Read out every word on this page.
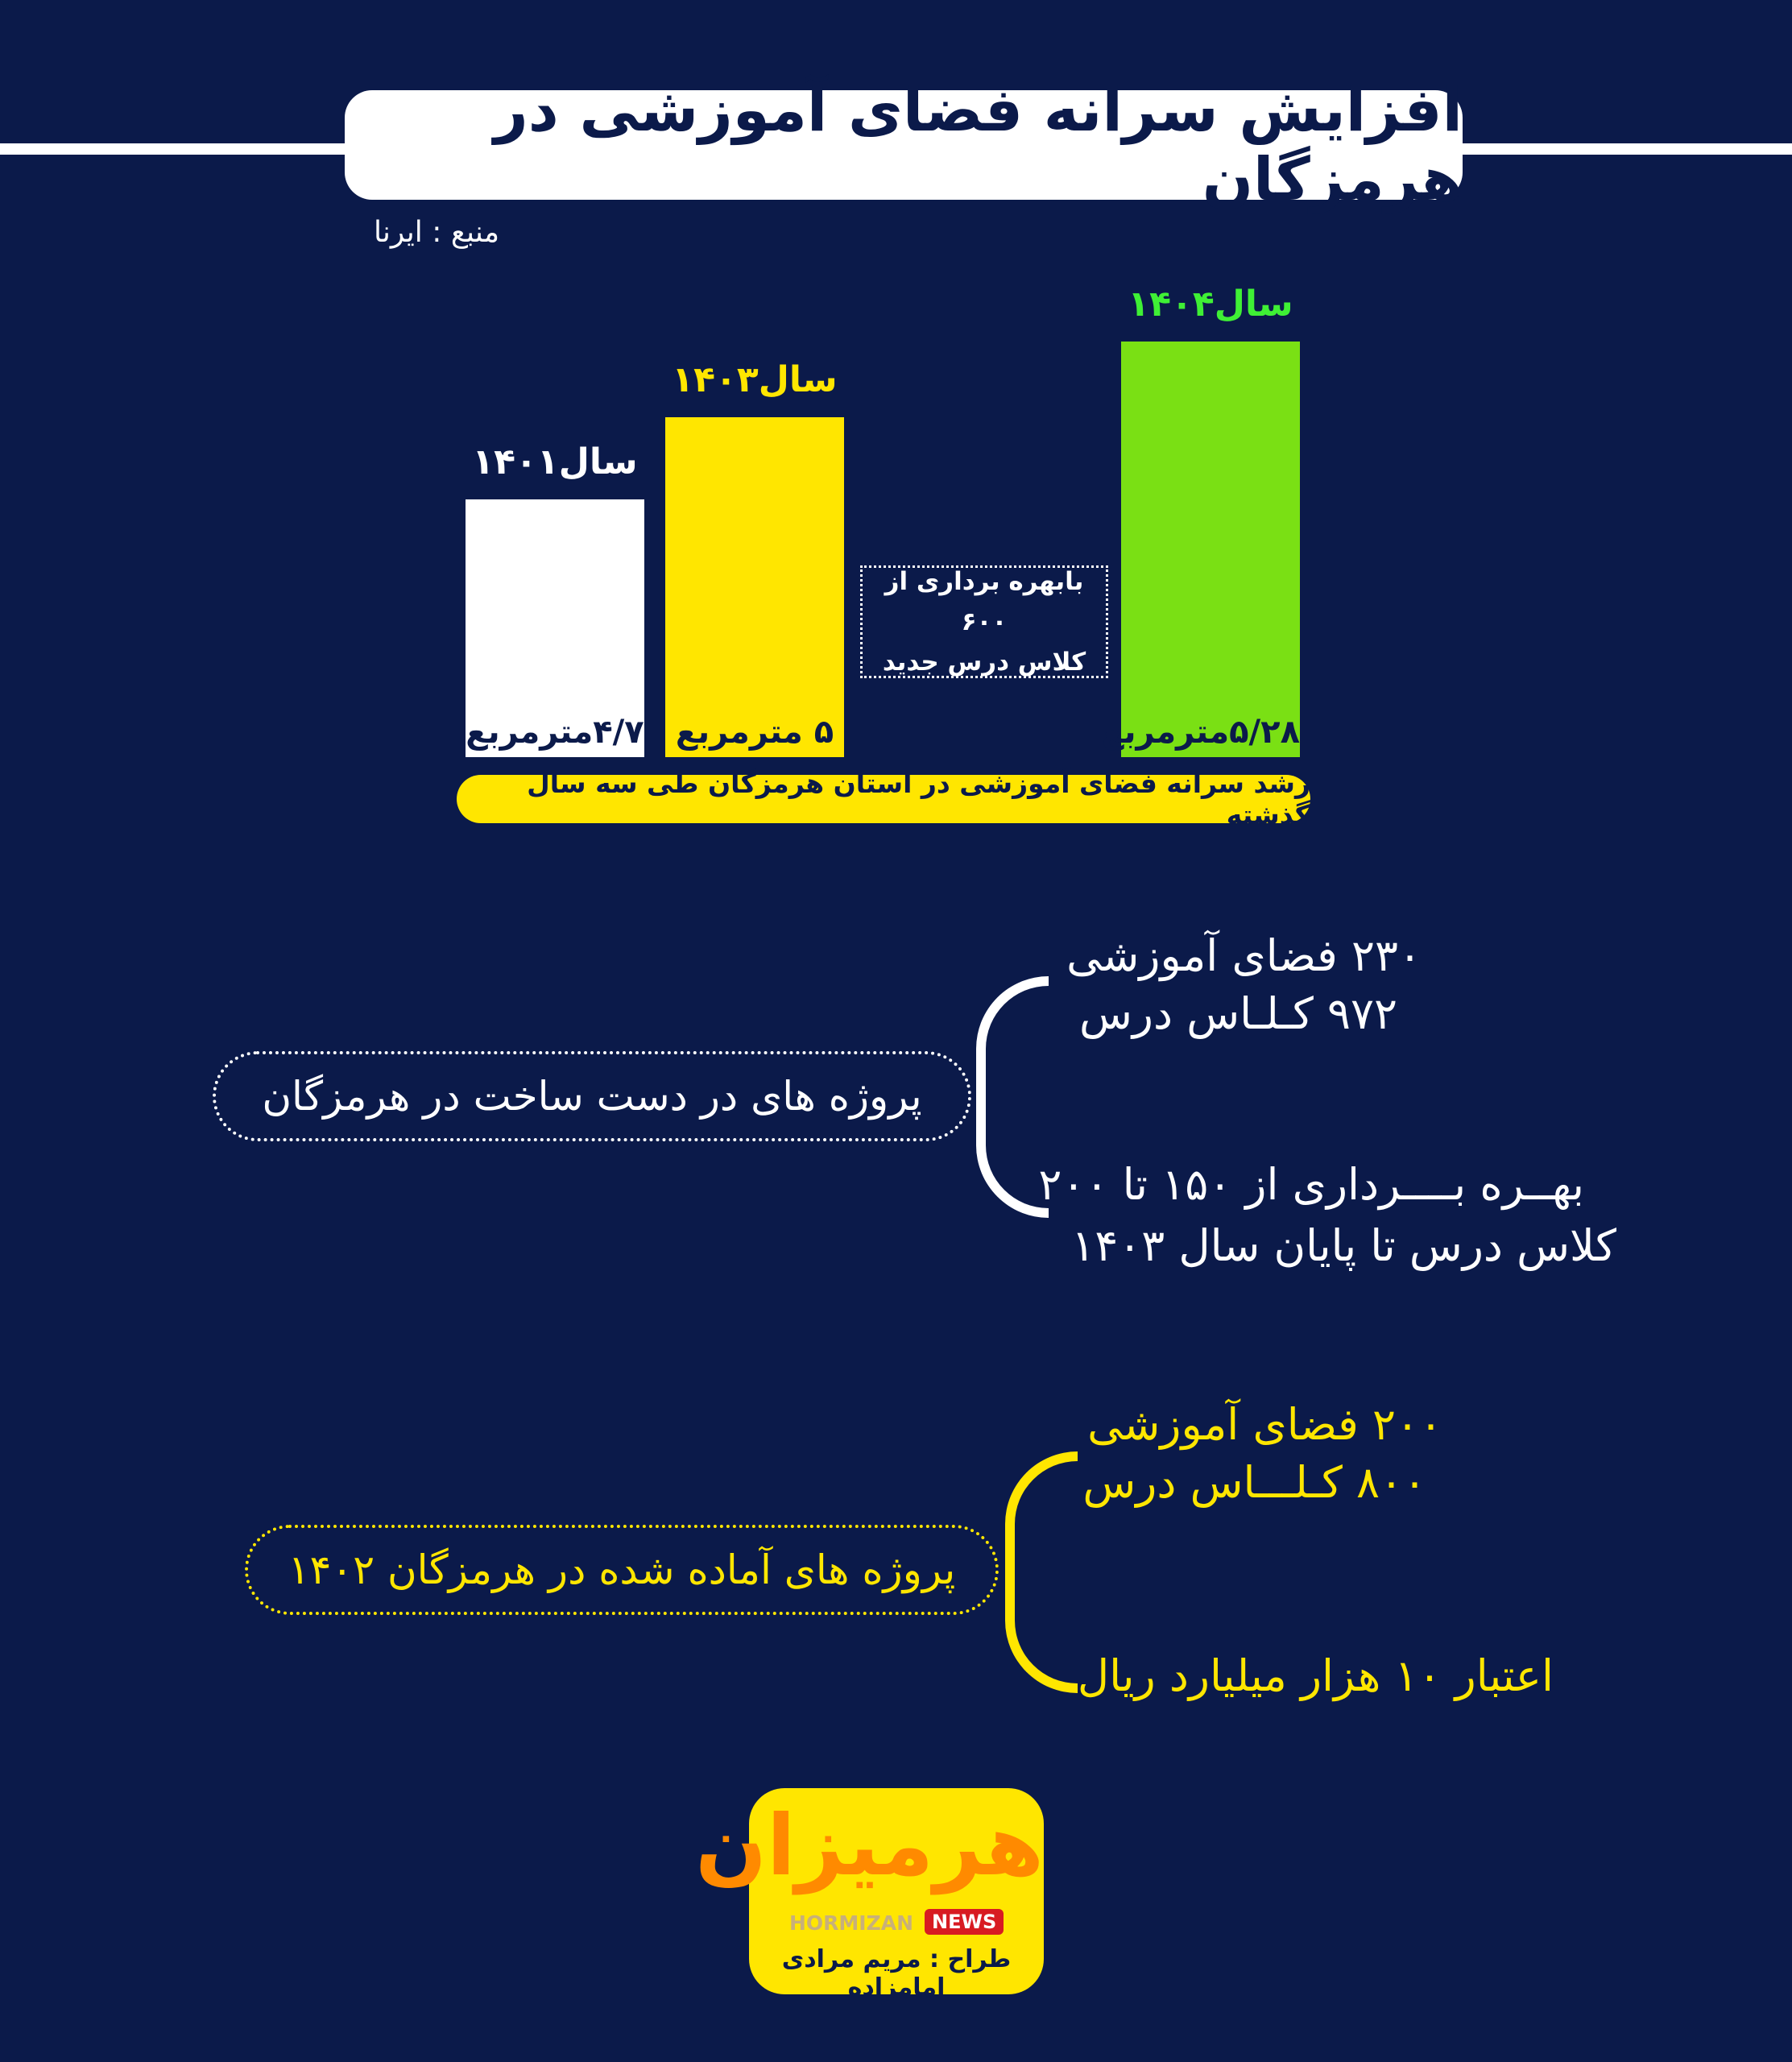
افزایش سرانه فضای آموزشی در هرمزگان
منبع : ایرنا
۴/۷مترمربع ۵ مترمربع	۵/۲۸مترمربع
سال۱۴۰۱
سال۱۴۰۳
سال۱۴۰۴
بابهره برداری از ۶۰۰
کلاس درس جدید
رشد سرانه فضای آموزشی در استان هرمزگان طی سه سال گذشته
پروژه های در دست ساخت در هرمزگان
۲۳۰ فضای آموزشی
۹۷۲ کـلـاس درس
بهــره بــــرداری از ۱۵۰ تا ۲۰۰
کلاس درس تا پایان سال ۱۴۰۳
پروژه های آماده شده در هرمزگان ۱۴۰۲
۲۰۰ فضای آموزشی
۸۰۰ کـلـــاس درس
اعتبار ۱۰ هزار میلیارد ریال
هرمیزان
HORMIZAN NEWS
طراح : مریم مرادی امامزاده
